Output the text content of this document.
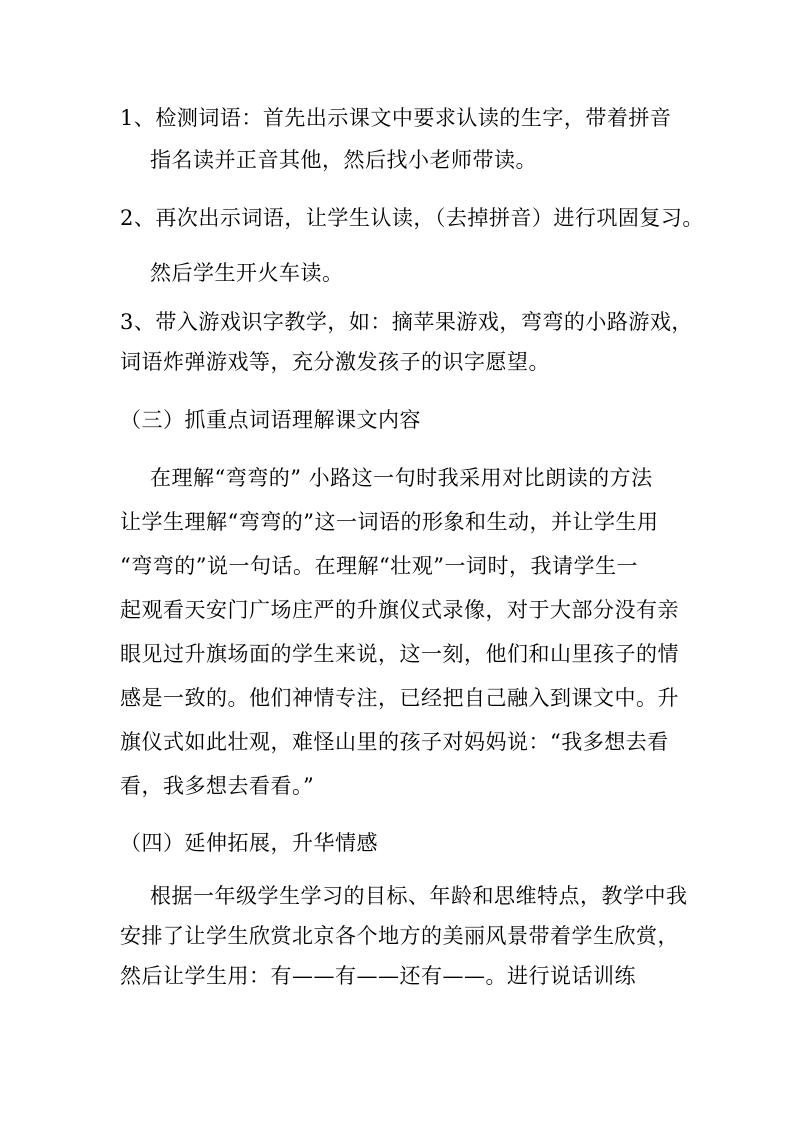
1、检测词语：首先出示课文中要求认读的生字，带着拼音
指名读并正音其他，然后找小老师带读。
2、再次出示词语，让学生认读，（去掉拼音）进行巩固复习。
然后学生开火车读。
3、带入游戏识字教学，如：摘苹果游戏，弯弯的小路游戏，
词语炸弹游戏等，充分激发孩子的识字愿望。
（三）抓重点词语理解课文内容
在理解“弯弯的” 小路这一句时我采用对比朗读的方法
让学生理解“弯弯的”这一词语的形象和生动，并让学生用
“弯弯的”说一句话。在理解“壮观”一词时，我请学生一
起观看天安门广场庄严的升旗仪式录像，对于大部分没有亲
眼见过升旗场面的学生来说，这一刻，他们和山里孩子的情
感是一致的。他们神情专注，已经把自己融入到课文中。升
旗仪式如此壮观，难怪山里的孩子对妈妈说：“我多想去看
看，我多想去看看。”
（四）延伸拓展，升华情感
根据一年级学生学习的目标、年龄和思维特点，教学中我
安排了让学生欣赏北京各个地方的美丽风景带着学生欣赏，
然后让学生用：有——有——还有——。进行说话训练
